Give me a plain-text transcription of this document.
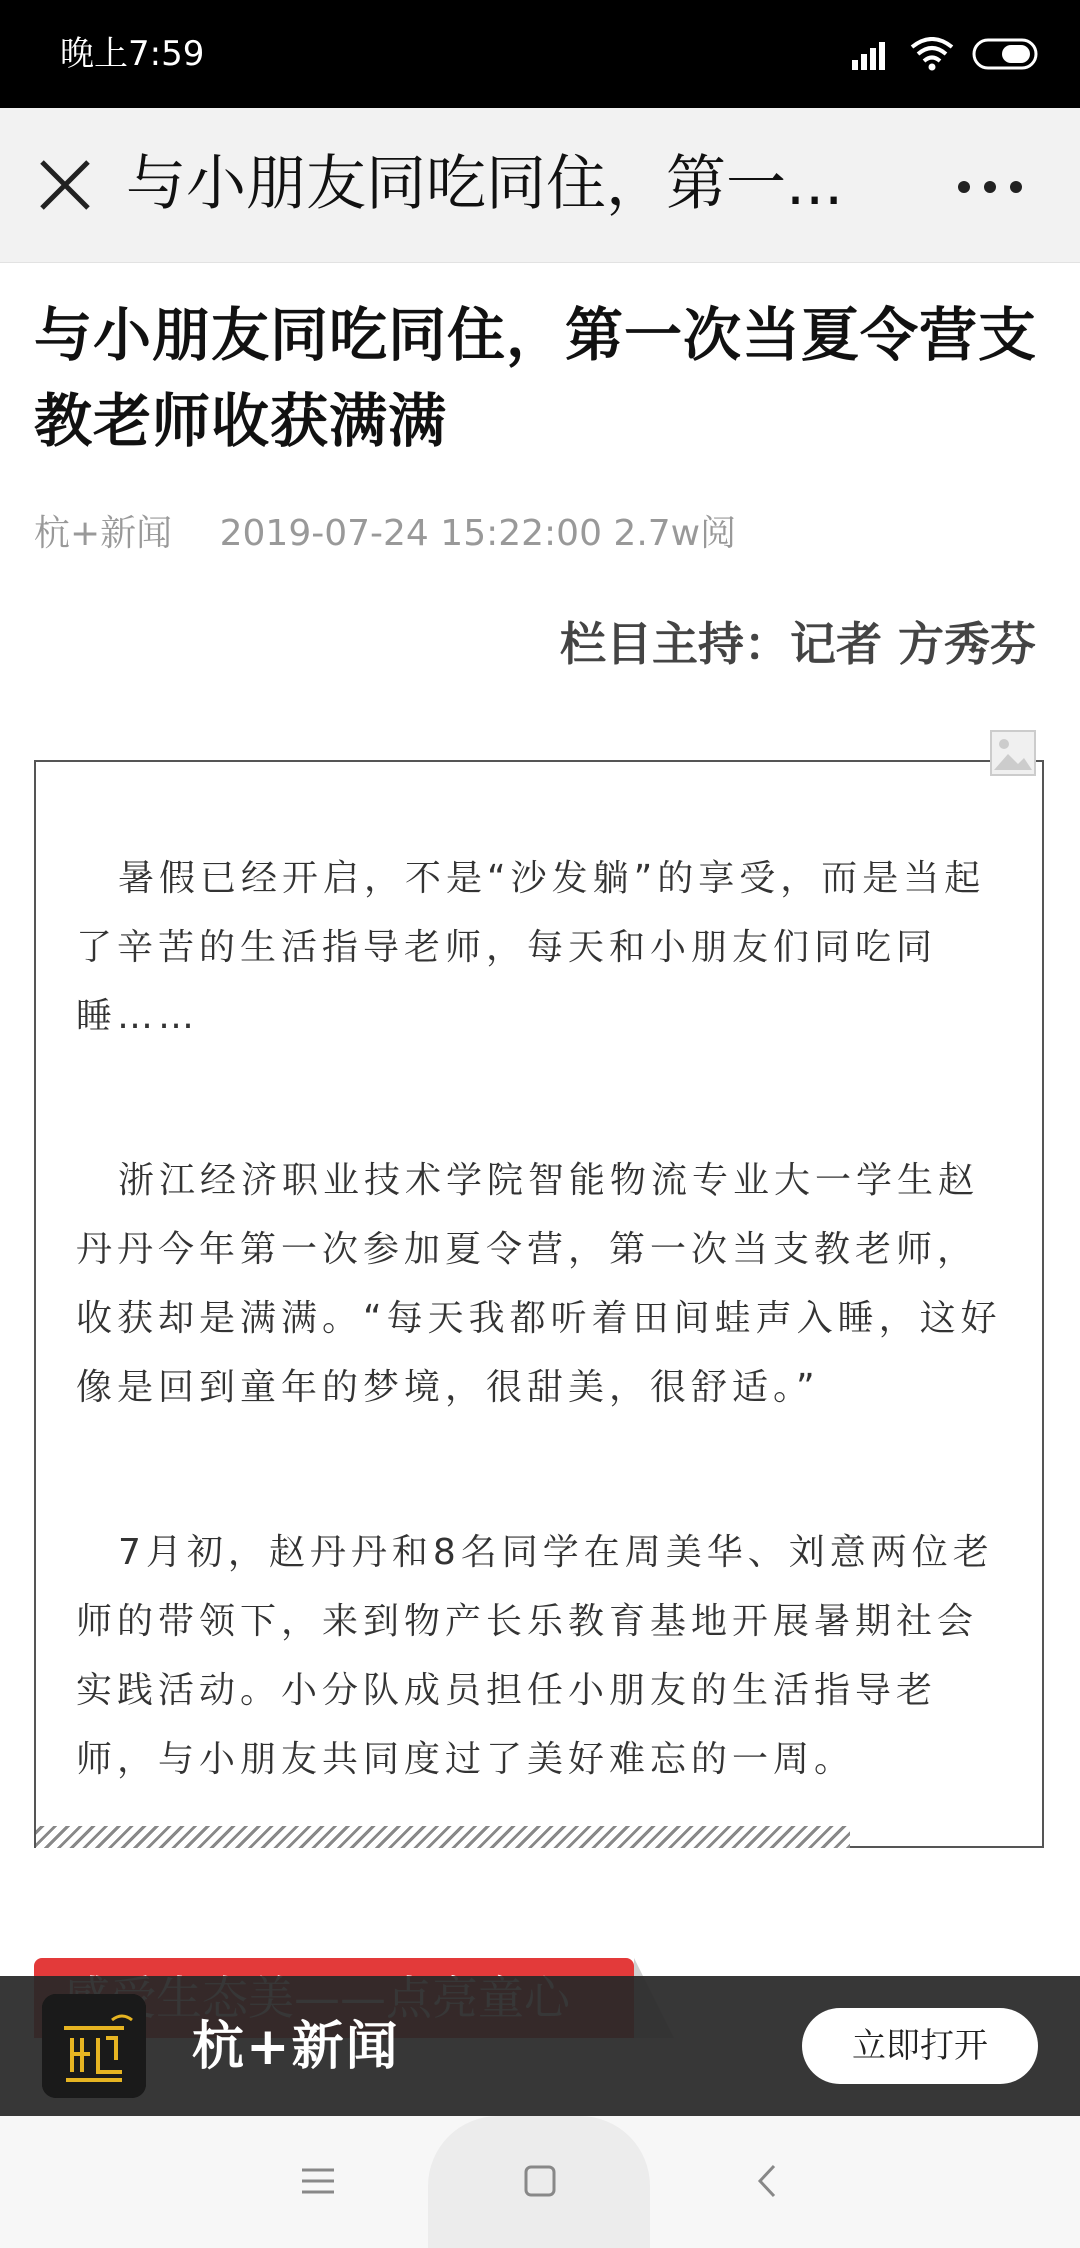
晚上7:59
与小朋友同吃同住，第一...
与小朋友同吃同住，第一次当夏令营支教老师收获满满
杭+新闻 2019-07-24 15:22:00 2.7w阅
栏目主持：记者 方秀芬
暑假已经开启，不是“沙发躺”的享受，而是当起了辛苦的生活指导老师，每天和小朋友们同吃同睡……
浙江经济职业技术学院智能物流专业大一学生赵丹丹今年第一次参加夏令营，第一次当支教老师，收获却是满满。“每天我都听着田间蛙声入睡，这好像是回到童年的梦境，很甜美，很舒适。”
7月初，赵丹丹和8名同学在周美华、刘意两位老师的带领下，来到物产长乐教育基地开展暑期社会实践活动。小分队成员担任小朋友的生活指导老师，与小朋友共同度过了美好难忘的一周。
杭+新闻	立即打开
